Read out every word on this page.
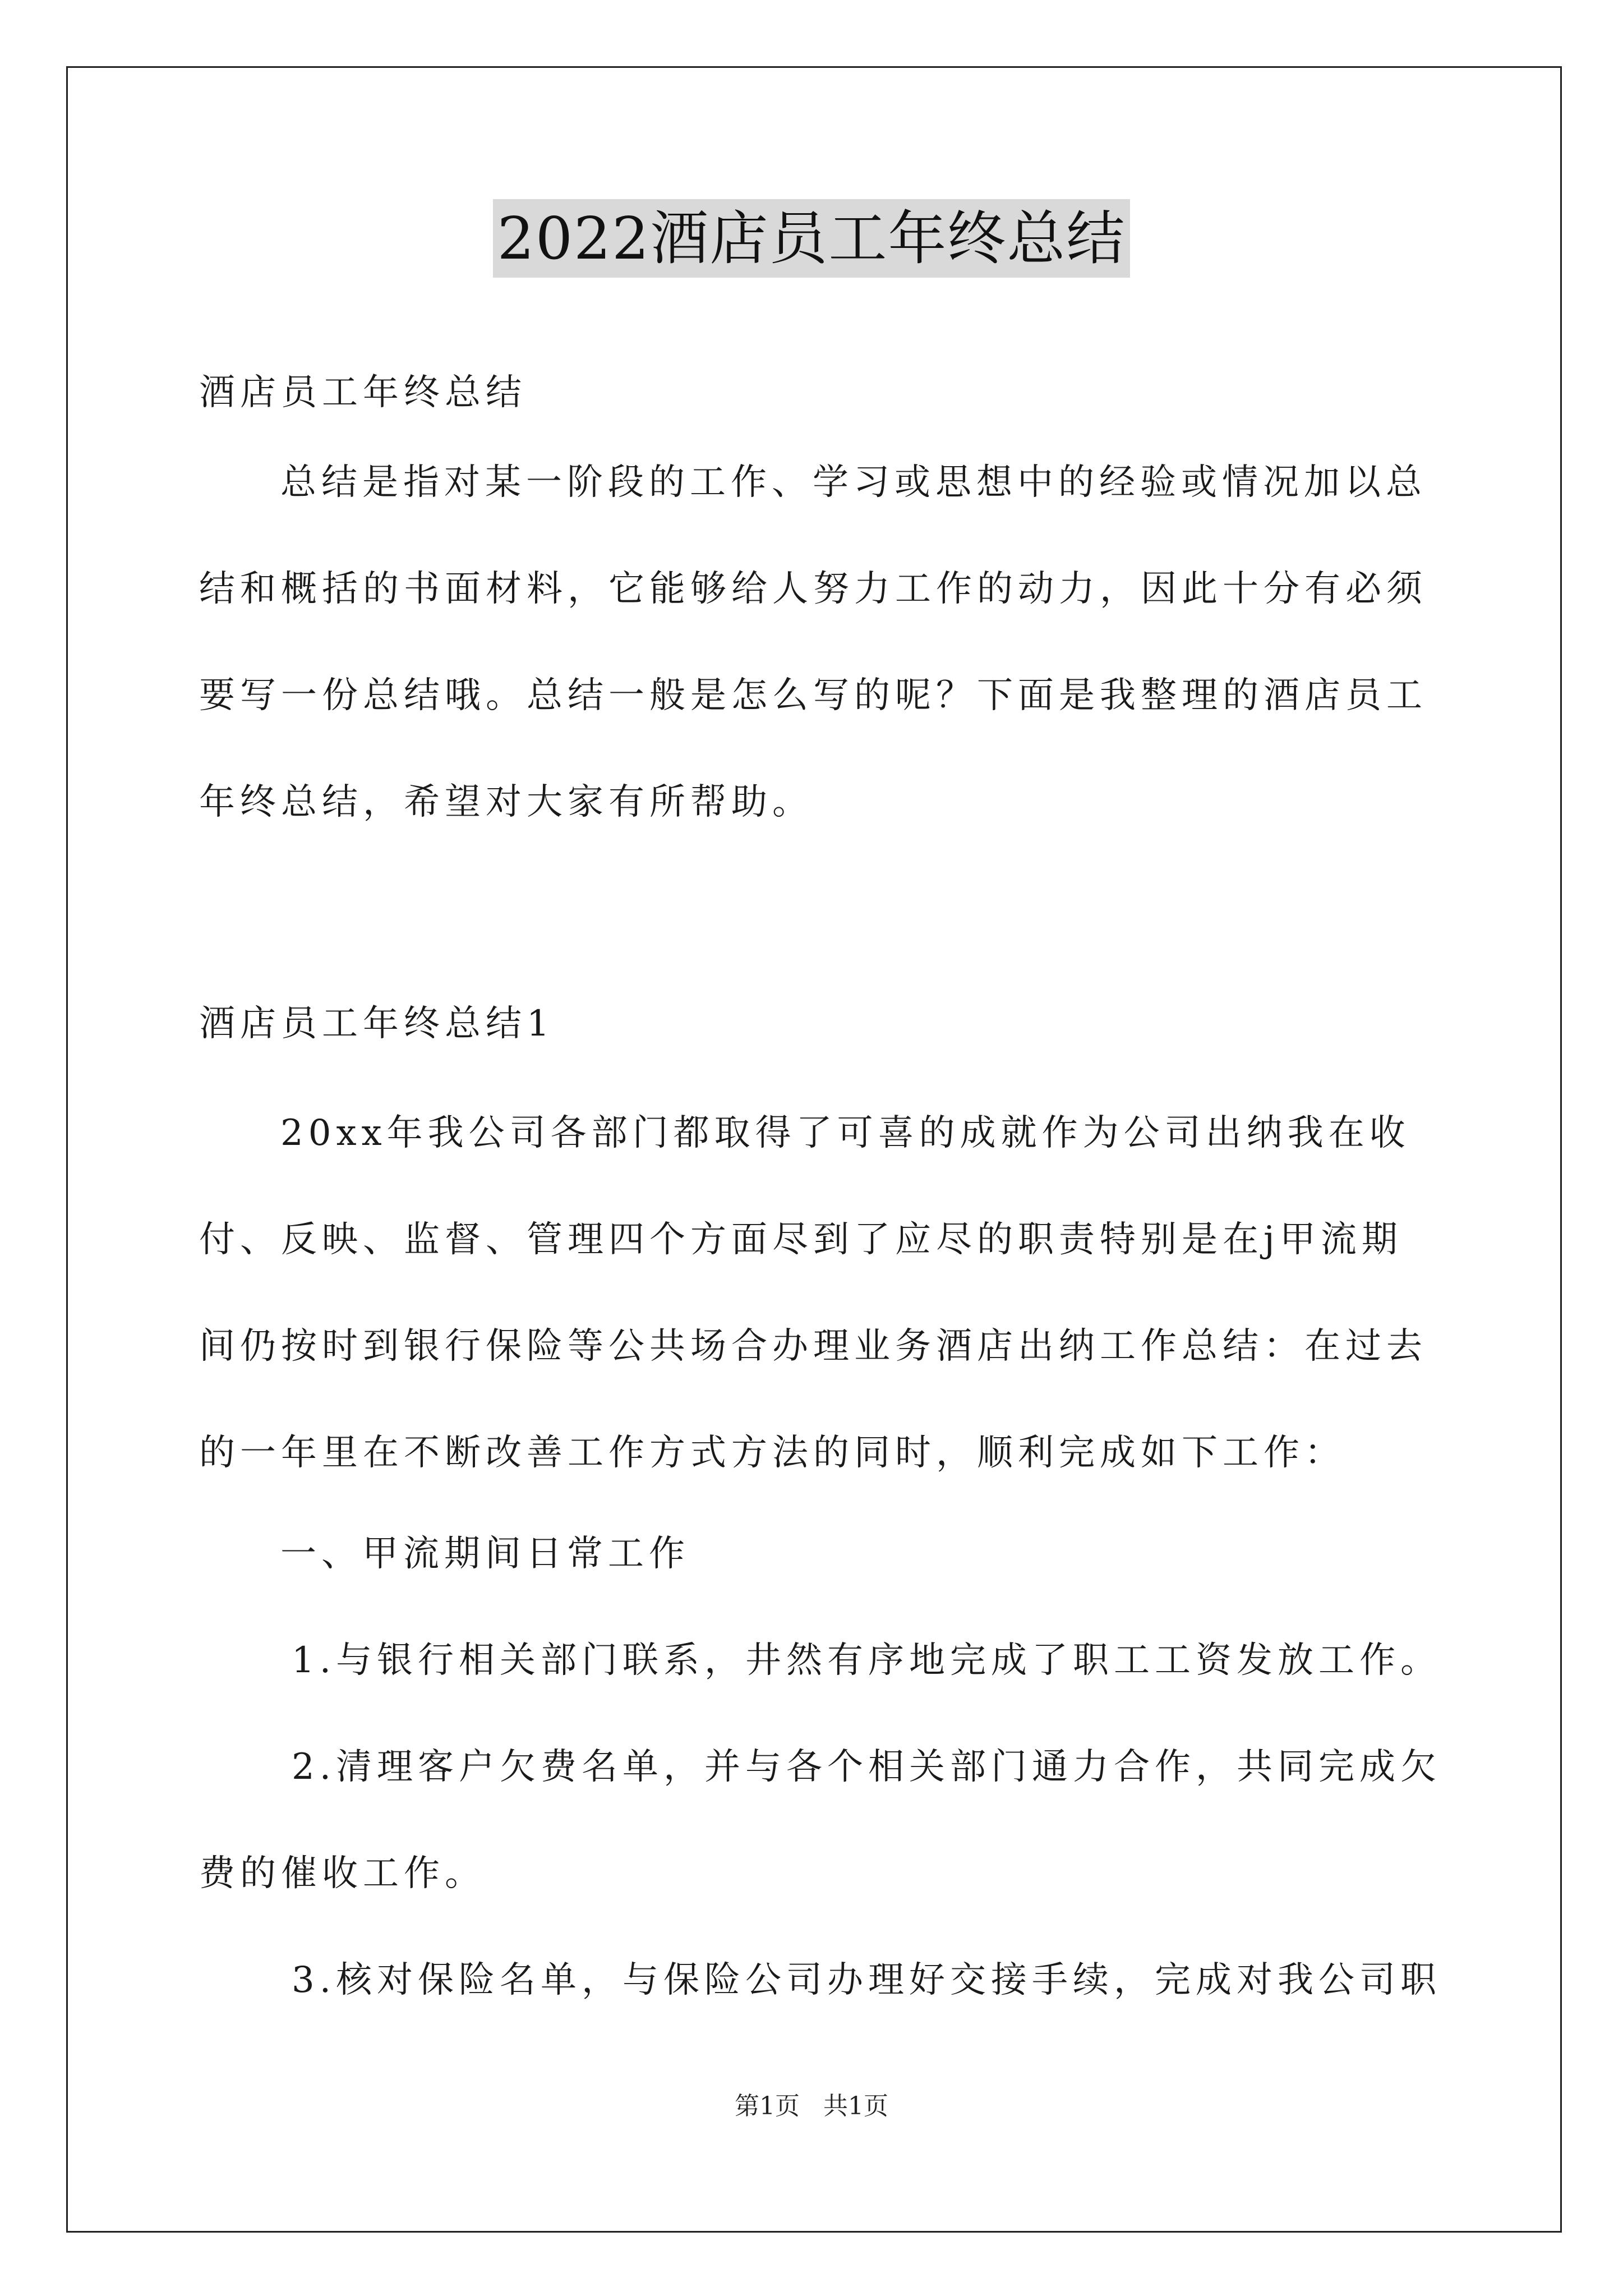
2022酒店员工年终总结

酒店员工年终总结

总结是指对某一阶段的工作、学习或思想中的经验或情况加以总

结和概括的书面材料，它能够给人努力工作的动力，因此十分有必须

要写一份总结哦。总结一般是怎么写的呢？下面是我整理的酒店员工

年终总结，希望对大家有所帮助。

酒店员工年终总结1

20xx年我公司各部门都取得了可喜的成就作为公司出纳我在收

付、反映、监督、管理四个方面尽到了应尽的职责特别是在j甲流期

间仍按时到银行保险等公共场合办理业务酒店出纳工作总结：在过去

的一年里在不断改善工作方式方法的同时，顺利完成如下工作：

一、甲流期间日常工作

1.与银行相关部门联系，井然有序地完成了职工工资发放工作。

2.清理客户欠费名单，并与各个相关部门通力合作，共同完成欠

费的催收工作。

3.核对保险名单，与保险公司办理好交接手续，完成对我公司职

第1页 共1页
